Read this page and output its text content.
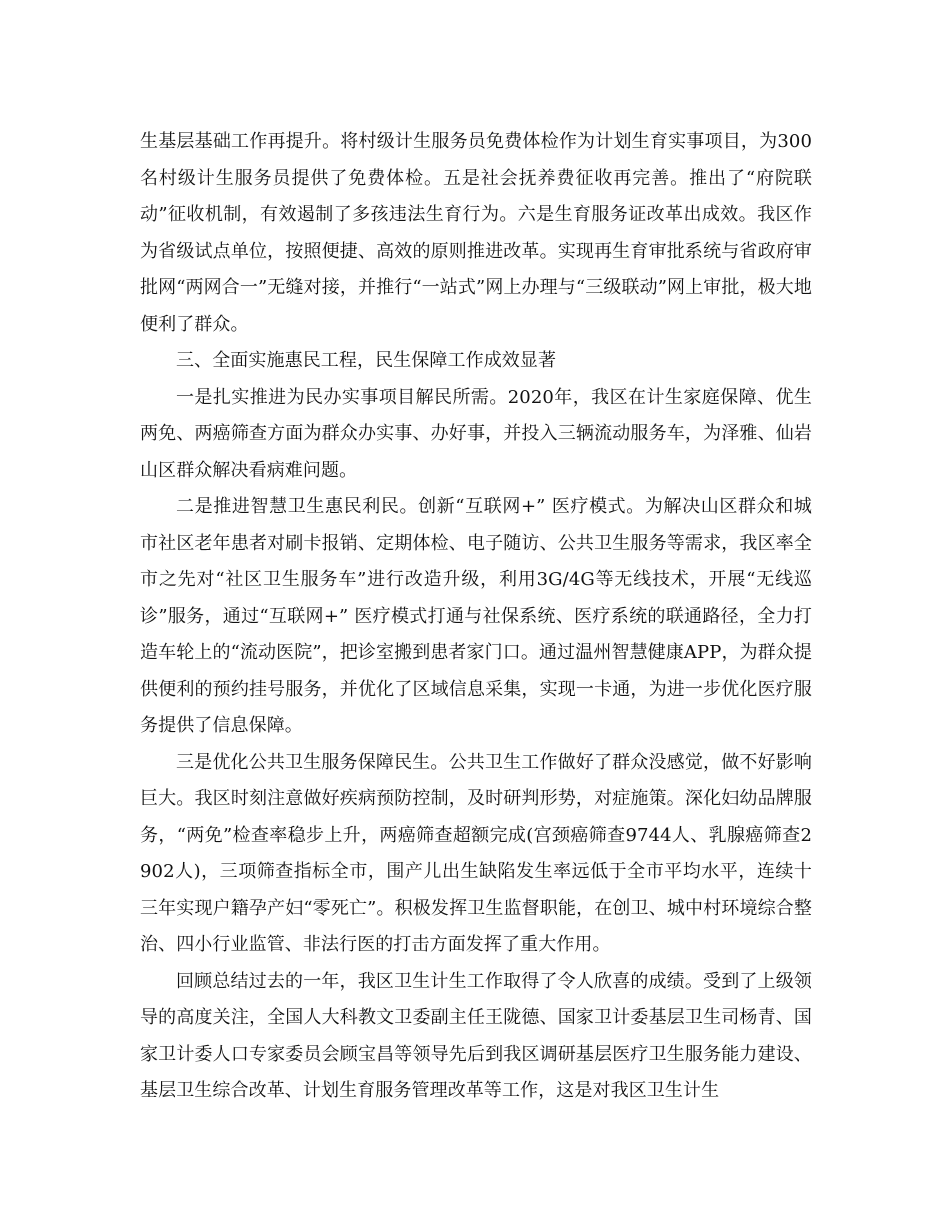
生基层基础工作再提升。将村级计生服务员免费体检作为计划生育实事项目，为300名村级计生服务员提供了免费体检。五是社会抚养费征收再完善。推出了“府院联动”征收机制，有效遏制了多孩违法生育行为。六是生育服务证改革出成效。我区作为省级试点单位，按照便捷、高效的原则推进改革。实现再生育审批系统与省政府审批网“两网合一”无缝对接，并推行“一站式”网上办理与“三级联动”网上审批，极大地便利了群众。

三、全面实施惠民工程，民生保障工作成效显著

一是扎实推进为民办实事项目解民所需。2020年，我区在计生家庭保障、优生两免、两癌筛查方面为群众办实事、办好事，并投入三辆流动服务车，为泽雅、仙岩山区群众解决看病难问题。

二是推进智慧卫生惠民利民。创新“互联网+” 医疗模式。为解决山区群众和城市社区老年患者对刷卡报销、定期体检、电子随访、公共卫生服务等需求，我区率全市之先对“社区卫生服务车”进行改造升级，利用3G/4G等无线技术，开展“无线巡诊”服务，通过“互联网+” 医疗模式打通与社保系统、医疗系统的联通路径，全力打造车轮上的“流动医院”，把诊室搬到患者家门口。通过温州智慧健康APP，为群众提供便利的预约挂号服务，并优化了区域信息采集，实现一卡通，为进一步优化医疗服务提供了信息保障。

三是优化公共卫生服务保障民生。公共卫生工作做好了群众没感觉，做不好影响巨大。我区时刻注意做好疾病预防控制，及时研判形势，对症施策。深化妇幼品牌服务，“两免”检查率稳步上升，两癌筛查超额完成(宫颈癌筛查9744人、乳腺癌筛查2902人)，三项筛查指标全市，围产儿出生缺陷发生率远低于全市平均水平，连续十三年实现户籍孕产妇“零死亡”。积极发挥卫生监督职能，在创卫、城中村环境综合整治、四小行业监管、非法行医的打击方面发挥了重大作用。

回顾总结过去的一年，我区卫生计生工作取得了令人欣喜的成绩。受到了上级领导的高度关注，全国人大科教文卫委副主任王陇德、国家卫计委基层卫生司杨青、国家卫计委人口专家委员会顾宝昌等领导先后到我区调研基层医疗卫生服务能力建设、基层卫生综合改革、计划生育服务管理改革等工作，这是对我区卫生计生
